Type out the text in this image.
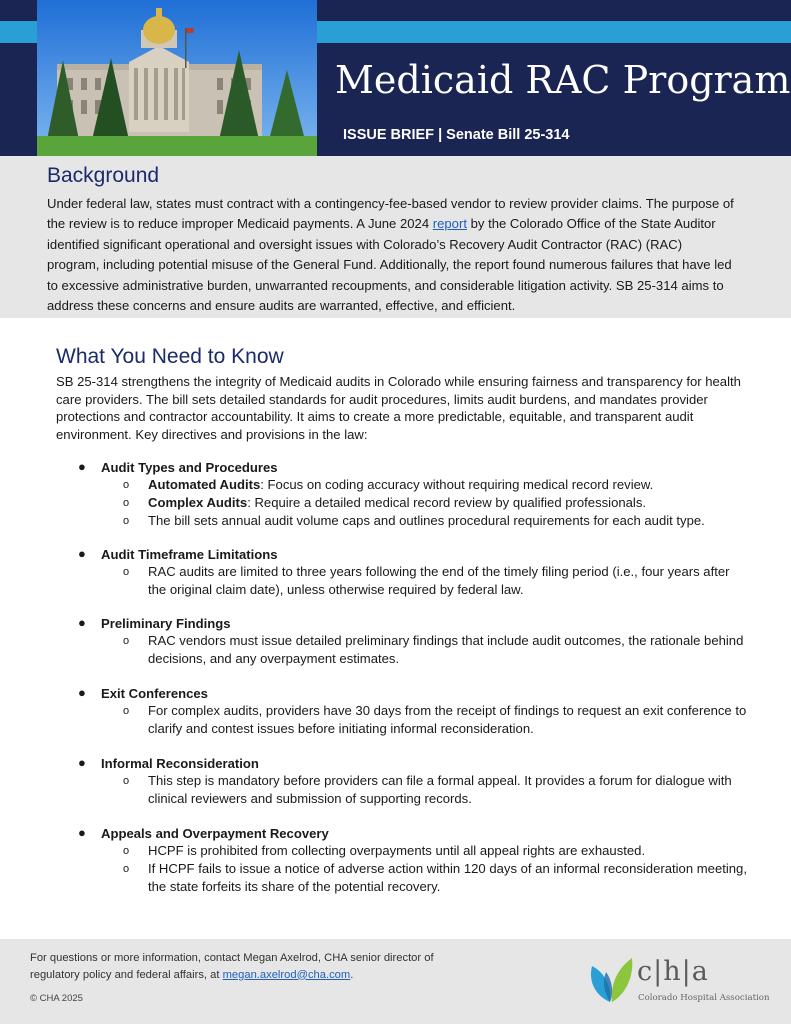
Medicaid RAC Program
ISSUE BRIEF | Senate Bill 25-314
Background
Under federal law, states must contract with a contingency-fee-based vendor to review provider claims. The purpose of the review is to reduce improper Medicaid payments. A June 2024 report by the Colorado Office of the State Auditor identified significant operational and oversight issues with Colorado’s Recovery Audit Contractor (RAC) (RAC) program, including potential misuse of the General Fund. Additionally, the report found numerous failures that have led to excessive administrative burden, unwarranted recoupments, and considerable litigation activity. SB 25-314 aims to address these concerns and ensure audits are warranted, effective, and efficient.
What You Need to Know
SB 25-314 strengthens the integrity of Medicaid audits in Colorado while ensuring fairness and transparency for health care providers. The bill sets detailed standards for audit procedures, limits audit burdens, and mandates provider protections and contractor accountability. It aims to create a more predictable, equitable, and transparent audit environment. Key directives and provisions in the law:
● Audit Types and Procedures
o Automated Audits: Focus on coding accuracy without requiring medical record review.
o Complex Audits: Require a detailed medical record review by qualified professionals.
o The bill sets annual audit volume caps and outlines procedural requirements for each audit type.
● Audit Timeframe Limitations
o RAC audits are limited to three years following the end of the timely filing period (i.e., four years after the original claim date), unless otherwise required by federal law.
● Preliminary Findings
o RAC vendors must issue detailed preliminary findings that include audit outcomes, the rationale behind decisions, and any overpayment estimates.
● Exit Conferences
o For complex audits, providers have 30 days from the receipt of findings to request an exit conference to clarify and contest issues before initiating informal reconsideration.
● Informal Reconsideration
o This step is mandatory before providers can file a formal appeal. It provides a forum for dialogue with clinical reviewers and submission of supporting records.
● Appeals and Overpayment Recovery
o HCPF is prohibited from collecting overpayments until all appeal rights are exhausted.
o If HCPF fails to issue a notice of adverse action within 120 days of an informal reconsideration meeting, the state forfeits its share of the potential recovery.
For questions or more information, contact Megan Axelrod, CHA senior director of regulatory policy and federal affairs, at megan.axelrod@cha.com.
© CHA 2025
c|h|a
Colorado Hospital Association
